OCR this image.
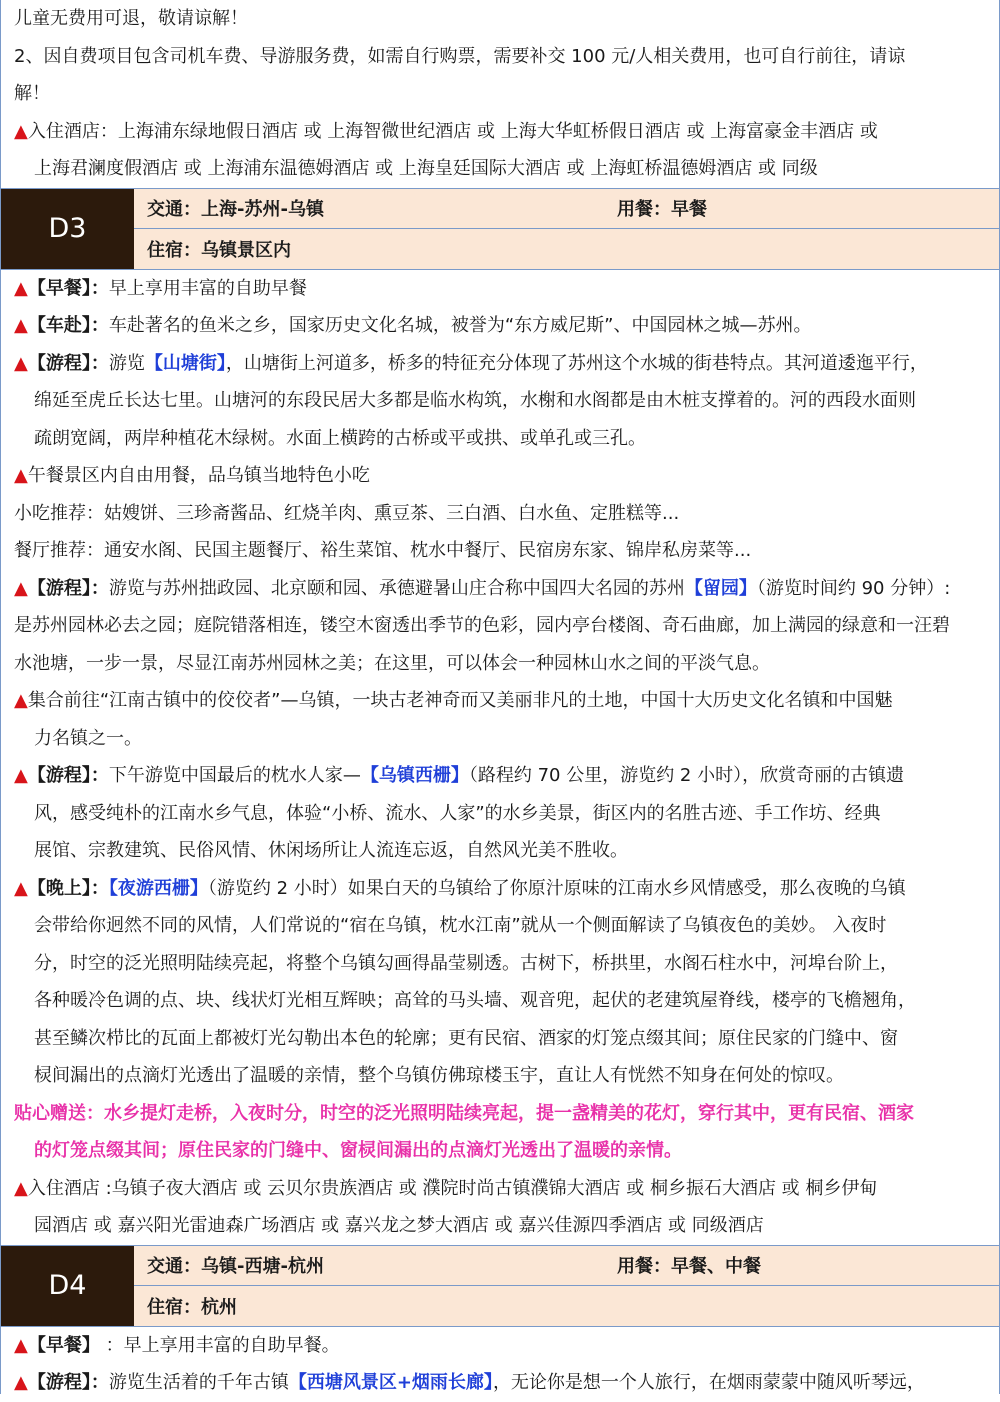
儿童无费用可退，敬请谅解！
2、因自费项目包含司机车费、导游服务费，如需自行购票，需要补交 100 元/人相关费用，也可自行前往，请谅
解！
▲入住酒店：上海浦东绿地假日酒店 或 上海智微世纪酒店 或 上海大华虹桥假日酒店 或 上海富豪金丰酒店 或
上海君澜度假酒店 或 上海浦东温德姆酒店 或 上海皇廷国际大酒店 或 上海虹桥温德姆酒店 或 同级
D3
交通：上海-苏州-乌镇	用餐：早餐
住宿：乌镇景区内
▲【早餐】：早上享用丰富的自助早餐
▲【车赴】：车赴著名的鱼米之乡，国家历史文化名城，被誉为“东方威尼斯”、中国园林之城—苏州。
▲【游程】：游览【山塘街】，山塘街上河道多，桥多的特征充分体现了苏州这个水城的街巷特点。其河道逶迤平行，
绵延至虎丘长达七里。山塘河的东段民居大多都是临水构筑，水榭和水阁都是由木桩支撑着的。河的西段水面则
疏朗宽阔，两岸种植花木绿树。水面上横跨的古桥或平或拱、或单孔或三孔。
▲午餐景区内自由用餐，品乌镇当地特色小吃
小吃推荐：姑嫂饼、三珍斋酱品、红烧羊肉、熏豆茶、三白酒、白水鱼、定胜糕等...
餐厅推荐：通安水阁、民国主题餐厅、裕生菜馆、枕水中餐厅、民宿房东家、锦岸私房菜等...
▲【游程】：游览与苏州拙政园、北京颐和园、承德避暑山庄合称中国四大名园的苏州【留园】（游览时间约 90 分钟）:
是苏州园林必去之园；庭院错落相连，镂空木窗透出季节的色彩，园内亭台楼阁、奇石曲廊，加上满园的绿意和一汪碧
水池塘，一步一景，尽显江南苏州园林之美；在这里，可以体会一种园林山水之间的平淡气息。
▲集合前往“江南古镇中的佼佼者”—乌镇，一块古老神奇而又美丽非凡的土地，中国十大历史文化名镇和中国魅
力名镇之一。
▲【游程】：下午游览中国最后的枕水人家—【乌镇西栅】（路程约 70 公里，游览约 2 小时），欣赏奇丽的古镇遗
风，感受纯朴的江南水乡气息，体验“小桥、流水、人家”的水乡美景，街区内的名胜古迹、手工作坊、经典
展馆、宗教建筑、民俗风情、休闲场所让人流连忘返，自然风光美不胜收。
▲【晚上】：【夜游西栅】（游览约 2 小时）如果白天的乌镇给了你原汁原味的江南水乡风情感受，那么夜晚的乌镇
会带给你迥然不同的风情，人们常说的“宿在乌镇，枕水江南”就从一个侧面解读了乌镇夜色的美妙。 入夜时
分，时空的泛光照明陆续亮起，将整个乌镇勾画得晶莹剔透。古树下，桥拱里，水阁石柱水中，河埠台阶上，
各种暖冷色调的点、块、线状灯光相互辉映；高耸的马头墙、观音兜，起伏的老建筑屋脊线，楼亭的飞檐翘角，
甚至鳞次栉比的瓦面上都被灯光勾勒出本色的轮廓；更有民宿、酒家的灯笼点缀其间；原住民家的门缝中、窗
棂间漏出的点滴灯光透出了温暖的亲情，整个乌镇仿佛琼楼玉宇，直让人有恍然不知身在何处的惊叹。
贴心赠送：水乡提灯走桥，入夜时分，时空的泛光照明陆续亮起，提一盏精美的花灯，穿行其中，更有民宿、酒家
的灯笼点缀其间；原住民家的门缝中、窗棂间漏出的点滴灯光透出了温暖的亲情。
▲入住酒店 :乌镇子夜大酒店 或 云贝尔贵族酒店 或 濮院时尚古镇濮锦大酒店 或 桐乡振石大酒店 或 桐乡伊甸
园酒店 或 嘉兴阳光雷迪森广场酒店 或 嘉兴龙之梦大酒店 或 嘉兴佳源四季酒店 或 同级酒店
D4
交通：乌镇-西塘-杭州	用餐：早餐、中餐
住宿：杭州
▲【早餐】 ：早上享用丰富的自助早餐。
▲【游程】：游览生活着的千年古镇【西塘风景区+烟雨长廊】，无论你是想一个人旅行，在烟雨蒙蒙中随风听琴远，
